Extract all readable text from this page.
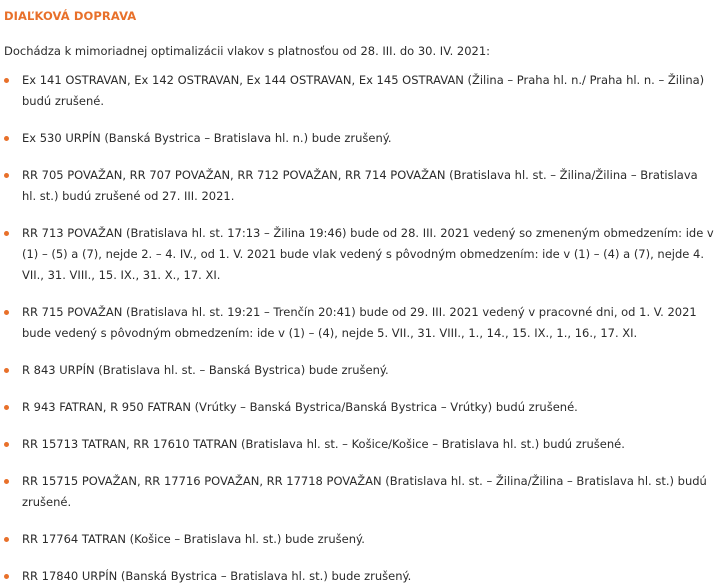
DIAĽKOVÁ DOPRAVA
Dochádza k mimoriadnej optimalizácii vlakov s platnosťou od 28. III. do 30. IV. 2021:
Ex 141 OSTRAVAN, Ex 142 OSTRAVAN, Ex 144 OSTRAVAN, Ex 145 OSTRAVAN (Žilina – Praha hl. n./ Praha hl. n. – Žilina) budú zrušené.
Ex 530 URPÍN (Banská Bystrica – Bratislava hl. n.) bude zrušený.
RR 705 POVAŽAN, RR 707 POVAŽAN, RR 712 POVAŽAN, RR 714 POVAŽAN (Bratislava hl. st. – Žilina/Žilina – Bratislava hl. st.) budú zrušené od 27. III. 2021.
RR 713 POVAŽAN (Bratislava hl. st. 17:13 – Žilina 19:46) bude od 28. III. 2021 vedený so zmeneným obmedzením: ide v (1) – (5) a (7), nejde 2. – 4. IV., od 1. V. 2021 bude vlak vedený s pôvodným obmedzením: ide v (1) – (4) a (7), nejde 4. VII., 31. VIII., 15. IX., 31. X., 17. XI.
RR 715 POVAŽAN (Bratislava hl. st. 19:21 – Trenčín 20:41) bude od 29. III. 2021 vedený v pracovné dni, od 1. V. 2021 bude vedený s pôvodným obmedzením: ide v (1) – (4), nejde 5. VII., 31. VIII., 1., 14., 15. IX., 1., 16., 17. XI.
R 843 URPÍN (Bratislava hl. st. – Banská Bystrica) bude zrušený.
R 943 FATRAN, R 950 FATRAN (Vrútky – Banská Bystrica/Banská Bystrica – Vrútky) budú zrušené.
RR 15713 TATRAN, RR 17610 TATRAN (Bratislava hl. st. – Košice/Košice – Bratislava hl. st.) budú zrušené.
RR 15715 POVAŽAN, RR 17716 POVAŽAN, RR 17718 POVAŽAN (Bratislava hl. st. – Žilina/Žilina – Bratislava hl. st.) budú zrušené.
RR 17764 TATRAN (Košice – Bratislava hl. st.) bude zrušený.
RR 17840 URPÍN (Banská Bystrica – Bratislava hl. st.) bude zrušený.
